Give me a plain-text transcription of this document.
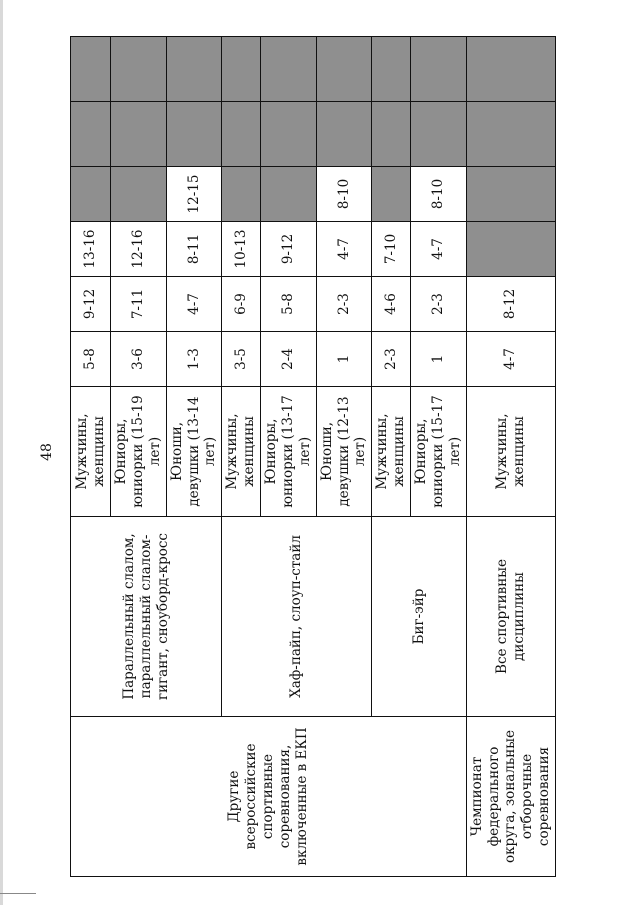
48
Другие всероссийские спортивные соревнования, включенные в ЕКП	Параллельный слалом, параллельный слалом-гигант, сноуборд-кросс	Мужчины, женщины	5-8	9-12	13-16			
		Юниоры, юниорки (15-19 лет)	3-6	7-11	12-16			
		Юноши, девушки (13-14 лет)	1-3	4-7	8-11	12-15		
	Хаф-пайп, слоуп-стайл	Мужчины, женщины	3-5	6-9	10-13			
		Юниоры, юниорки (13-17 лет)	2-4	5-8	9-12			
		Юноши, девушки (12-13 лет)	1	2-3	4-7	8-10		
	Биг-эйр	Мужчины, женщины	2-3	4-6	7-10			
		Юниоры, юниорки (15-17 лет)	1	2-3	4-7	8-10		
Чемпионат федерального округа, зональные отборочные соревнования	Все спортивные дисциплины	Мужчины, женщины	4-7	8-12				
